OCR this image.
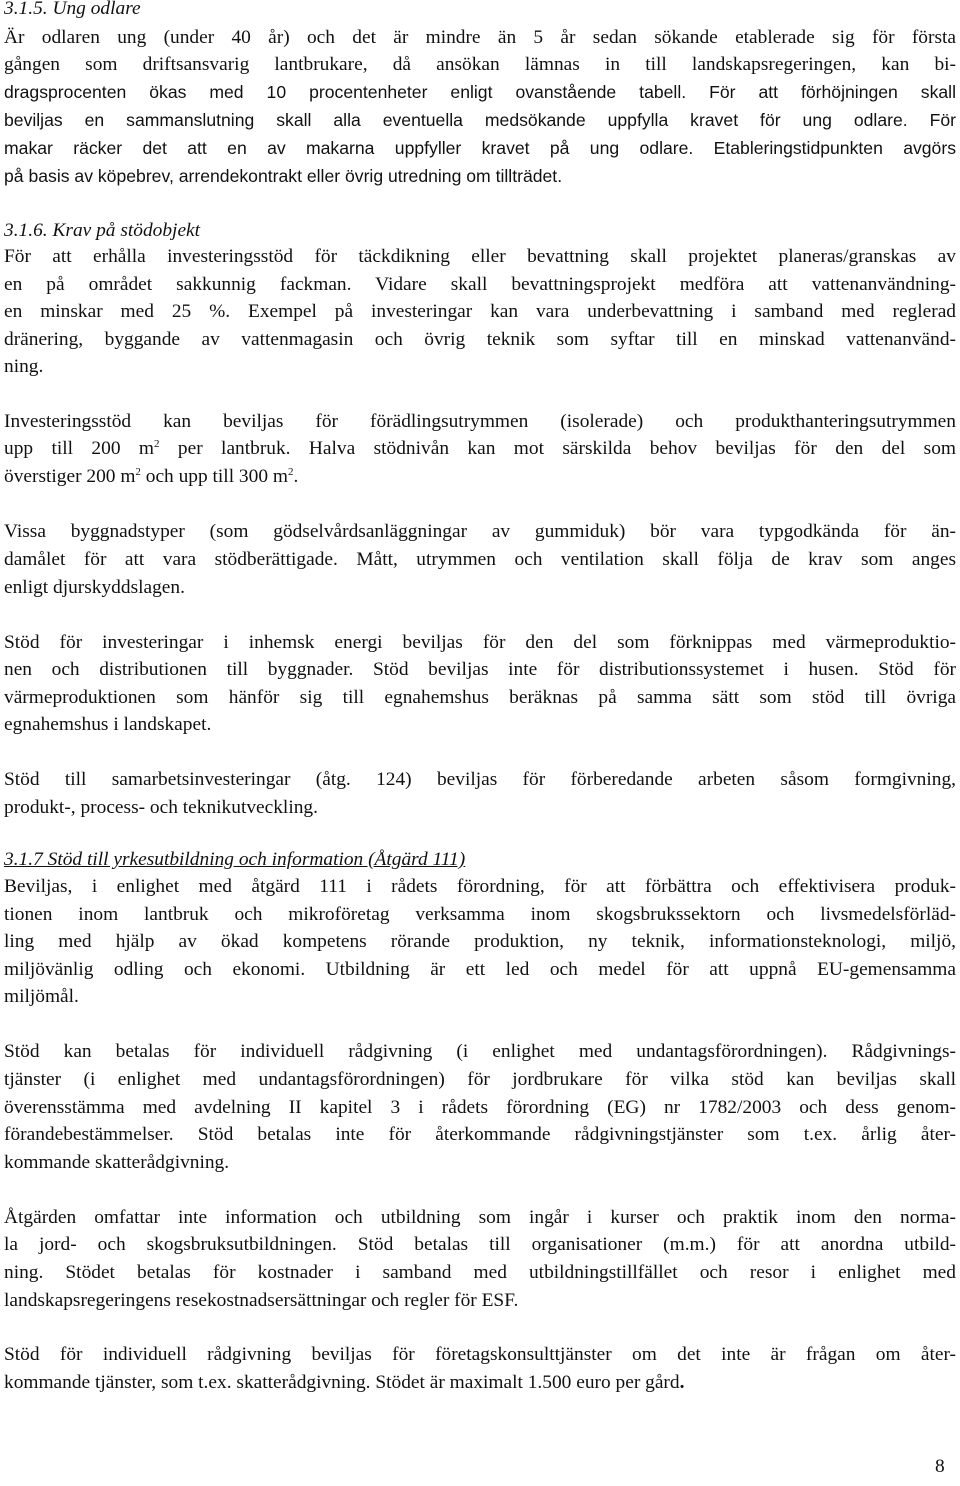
3.1.5. Ung odlare
Är odlaren ung (under 40 år) och det är mindre än 5 år sedan sökande etablerade sig för första
gången som driftsansvarig lantbrukare, då ansökan lämnas in till landskapsregeringen, kan bi-
dragsprocenten ökas med 10 procentenheter enligt ovanstående tabell. För att förhöjningen skall
beviljas en sammanslutning skall alla eventuella medsökande uppfylla kravet för ung odlare. För
makar räcker det att en av makarna uppfyller kravet på ung odlare. Etableringstidpunkten avgörs
på basis av köpebrev, arrendekontrakt eller övrig utredning om tillträdet.
3.1.6. Krav på stödobjekt
För att erhålla investeringsstöd för täckdikning eller bevattning skall projektet planeras/granskas av
en på området sakkunnig fackman. Vidare skall bevattningsprojekt medföra att vattenanvändning-
en minskar med 25 %. Exempel på investeringar kan vara underbevattning i samband med reglerad
dränering, byggande av vattenmagasin och övrig teknik som syftar till en minskad vattenanvänd-
ning.
Investeringsstöd kan beviljas för förädlingsutrymmen (isolerade) och produkthanteringsutrymmen
upp till 200 $m^2$ per lantbruk. Halva stödnivån kan mot särskilda behov beviljas för den del som
överstiger 200 $m^2$ och upp till 300 $m^2$.
Vissa byggnadstyper (som gödselvårdsanläggningar av gummiduk) bör vara typgodkända för än-
damålet för att vara stödberättigade. Mått, utrymmen och ventilation skall följa de krav som anges
enligt djurskyddslagen.
Stöd för investeringar i inhemsk energi beviljas för den del som förknippas med värmeproduktio-
nen och distributionen till byggnader. Stöd beviljas inte för distributionssystemet i husen. Stöd för
värmeproduktionen som hänför sig till egnahemshus beräknas på samma sätt som stöd till övriga
egnahemshus i landskapet.
Stöd till samarbetsinvesteringar (åtg. 124) beviljas för förberedande arbeten såsom formgivning,
produkt-, process- och teknikutveckling.
3.1.7 Stöd till yrkesutbildning och information (Åtgärd 111)
Beviljas, i enlighet med åtgärd 111 i rådets förordning, för att förbättra och effektivisera produk-
tionen inom lantbruk och mikroföretag verksamma inom skogsbrukssektorn och livsmedelsförläd-
ling med hjälp av ökad kompetens rörande produktion, ny teknik, informationsteknologi, miljö,
miljövänlig odling och ekonomi. Utbildning är ett led och medel för att uppnå EU-gemensamma
miljömål.
Stöd kan betalas för individuell rådgivning (i enlighet med undantagsförordningen). Rådgivnings-
tjänster (i enlighet med undantagsförordningen) för jordbrukare för vilka stöd kan beviljas skall
överensstämma med avdelning II kapitel 3 i rådets förordning (EG) nr 1782/2003 och dess genom-
förandebestämmelser. Stöd betalas inte för återkommande rådgivningstjänster som t.ex. årlig åter-
kommande skatterådgivning.
Åtgärden omfattar inte information och utbildning som ingår i kurser och praktik inom den norma-
la jord- och skogsbruksutbildningen. Stöd betalas till organisationer (m.m.) för att anordna utbild-
ning. Stödet betalas för kostnader i samband med utbildningstillfället och resor i enlighet med
landskapsregeringens resekostnadsersättningar och regler för ESF.
Stöd för individuell rådgivning beviljas för företagskonsulttjänster om det inte är frågan om åter-
kommande tjänster, som t.ex. skatterådgivning. Stödet är maximalt 1.500 euro per gård.
8
